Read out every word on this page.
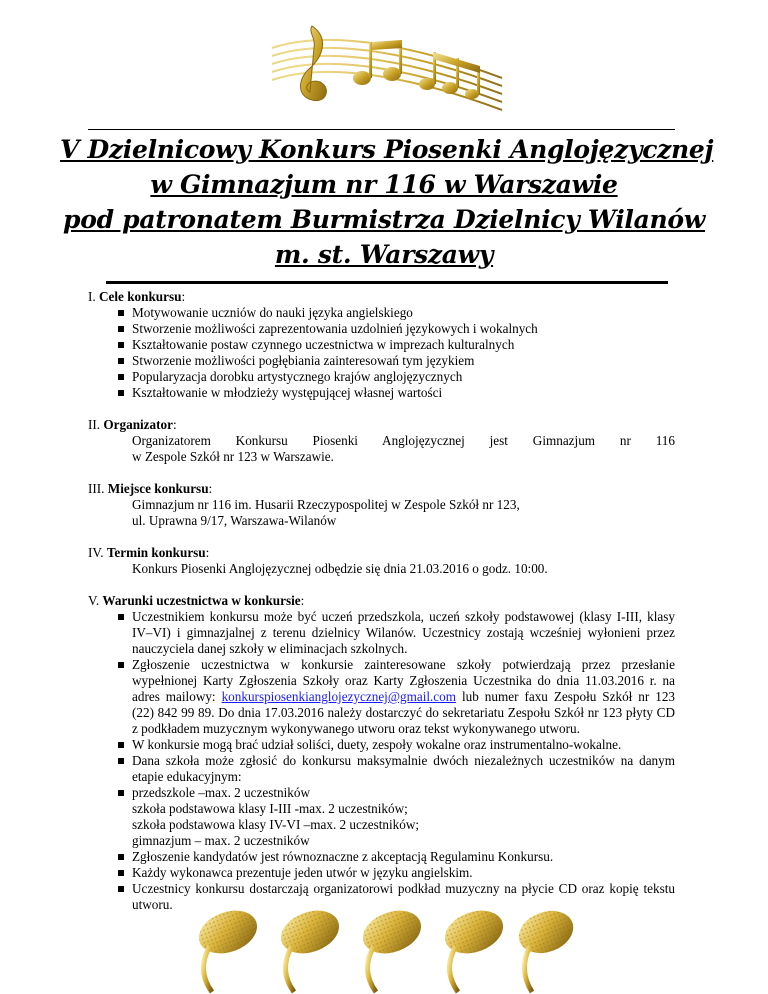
V Dzielnicowy Konkurs Piosenki Anglojęzycznej
w Gimnazjum nr 116 w Warszawie
pod patronatem Burmistrza Dzielnicy Wilanów
m. st. Warszawy
I. Cele konkursu:
Motywowanie uczniów do nauki języka angielskiego
Stworzenie możliwości zaprezentowania uzdolnień językowych i wokalnych
Kształtowanie postaw czynnego uczestnictwa w imprezach kulturalnych
Stworzenie możliwości pogłębiania zainteresowań tym językiem
Popularyzacja dorobku artystycznego krajów anglojęzycznych
Kształtowanie w młodzieży występującej własnej wartości
II. Organizator:
Organizatorem Konkursu Piosenki Anglojęzycznej jest Gimnazjum nr 116
w Zespole Szkół nr 123 w Warszawie.
III. Miejsce konkursu:
Gimnazjum nr 116 im. Husarii Rzeczypospolitej w Zespole Szkół nr 123,
ul. Uprawna 9/17, Warszawa-Wilanów
IV. Termin konkursu:
Konkurs Piosenki Anglojęzycznej odbędzie się dnia 21.03.2016 o godz. 10:00.
V. Warunki uczestnictwa w konkursie:
Uczestnikiem konkursu może być uczeń przedszkola, uczeń szkoły podstawowej (klasy I-III, klasy IV–VI) i gimnazjalnej z terenu dzielnicy Wilanów. Uczestnicy zostają wcześniej wyłonieni przez nauczyciela danej szkoły w eliminacjach szkolnych.
Zgłoszenie uczestnictwa w konkursie zainteresowane szkoły potwierdzają przez przesłanie wypełnionej Karty Zgłoszenia Szkoły oraz Karty Zgłoszenia Uczestnika do dnia 11.03.2016 r. na adres mailowy: konkurspiosenkianglojezycznej@gmail.com lub numer faxu Zespołu Szkół nr 123 (22) 842 99 89. Do dnia 17.03.2016 należy dostarczyć do sekretariatu Zespołu Szkół nr 123 płyty CD z podkładem muzycznym wykonywanego utworu oraz tekst wykonywanego utworu.
W konkursie mogą brać udział soliści, duety, zespoły wokalne oraz instrumentalno-wokalne.
Dana szkoła może zgłosić do konkursu maksymalnie dwóch niezależnych uczestników na danym etapie edukacyjnym:
przedszkole –max. 2 uczestników
szkoła podstawowa klasy I-III -max. 2 uczestników;
szkoła podstawowa klasy IV-VI –max. 2 uczestników;
gimnazjum – max. 2 uczestników
Zgłoszenie kandydatów jest równoznaczne z akceptacją Regulaminu Konkursu.
Każdy wykonawca prezentuje jeden utwór w języku angielskim.
Uczestnicy konkursu dostarczają organizatorowi podkład muzyczny na płycie CD oraz kopię tekstu utworu.
